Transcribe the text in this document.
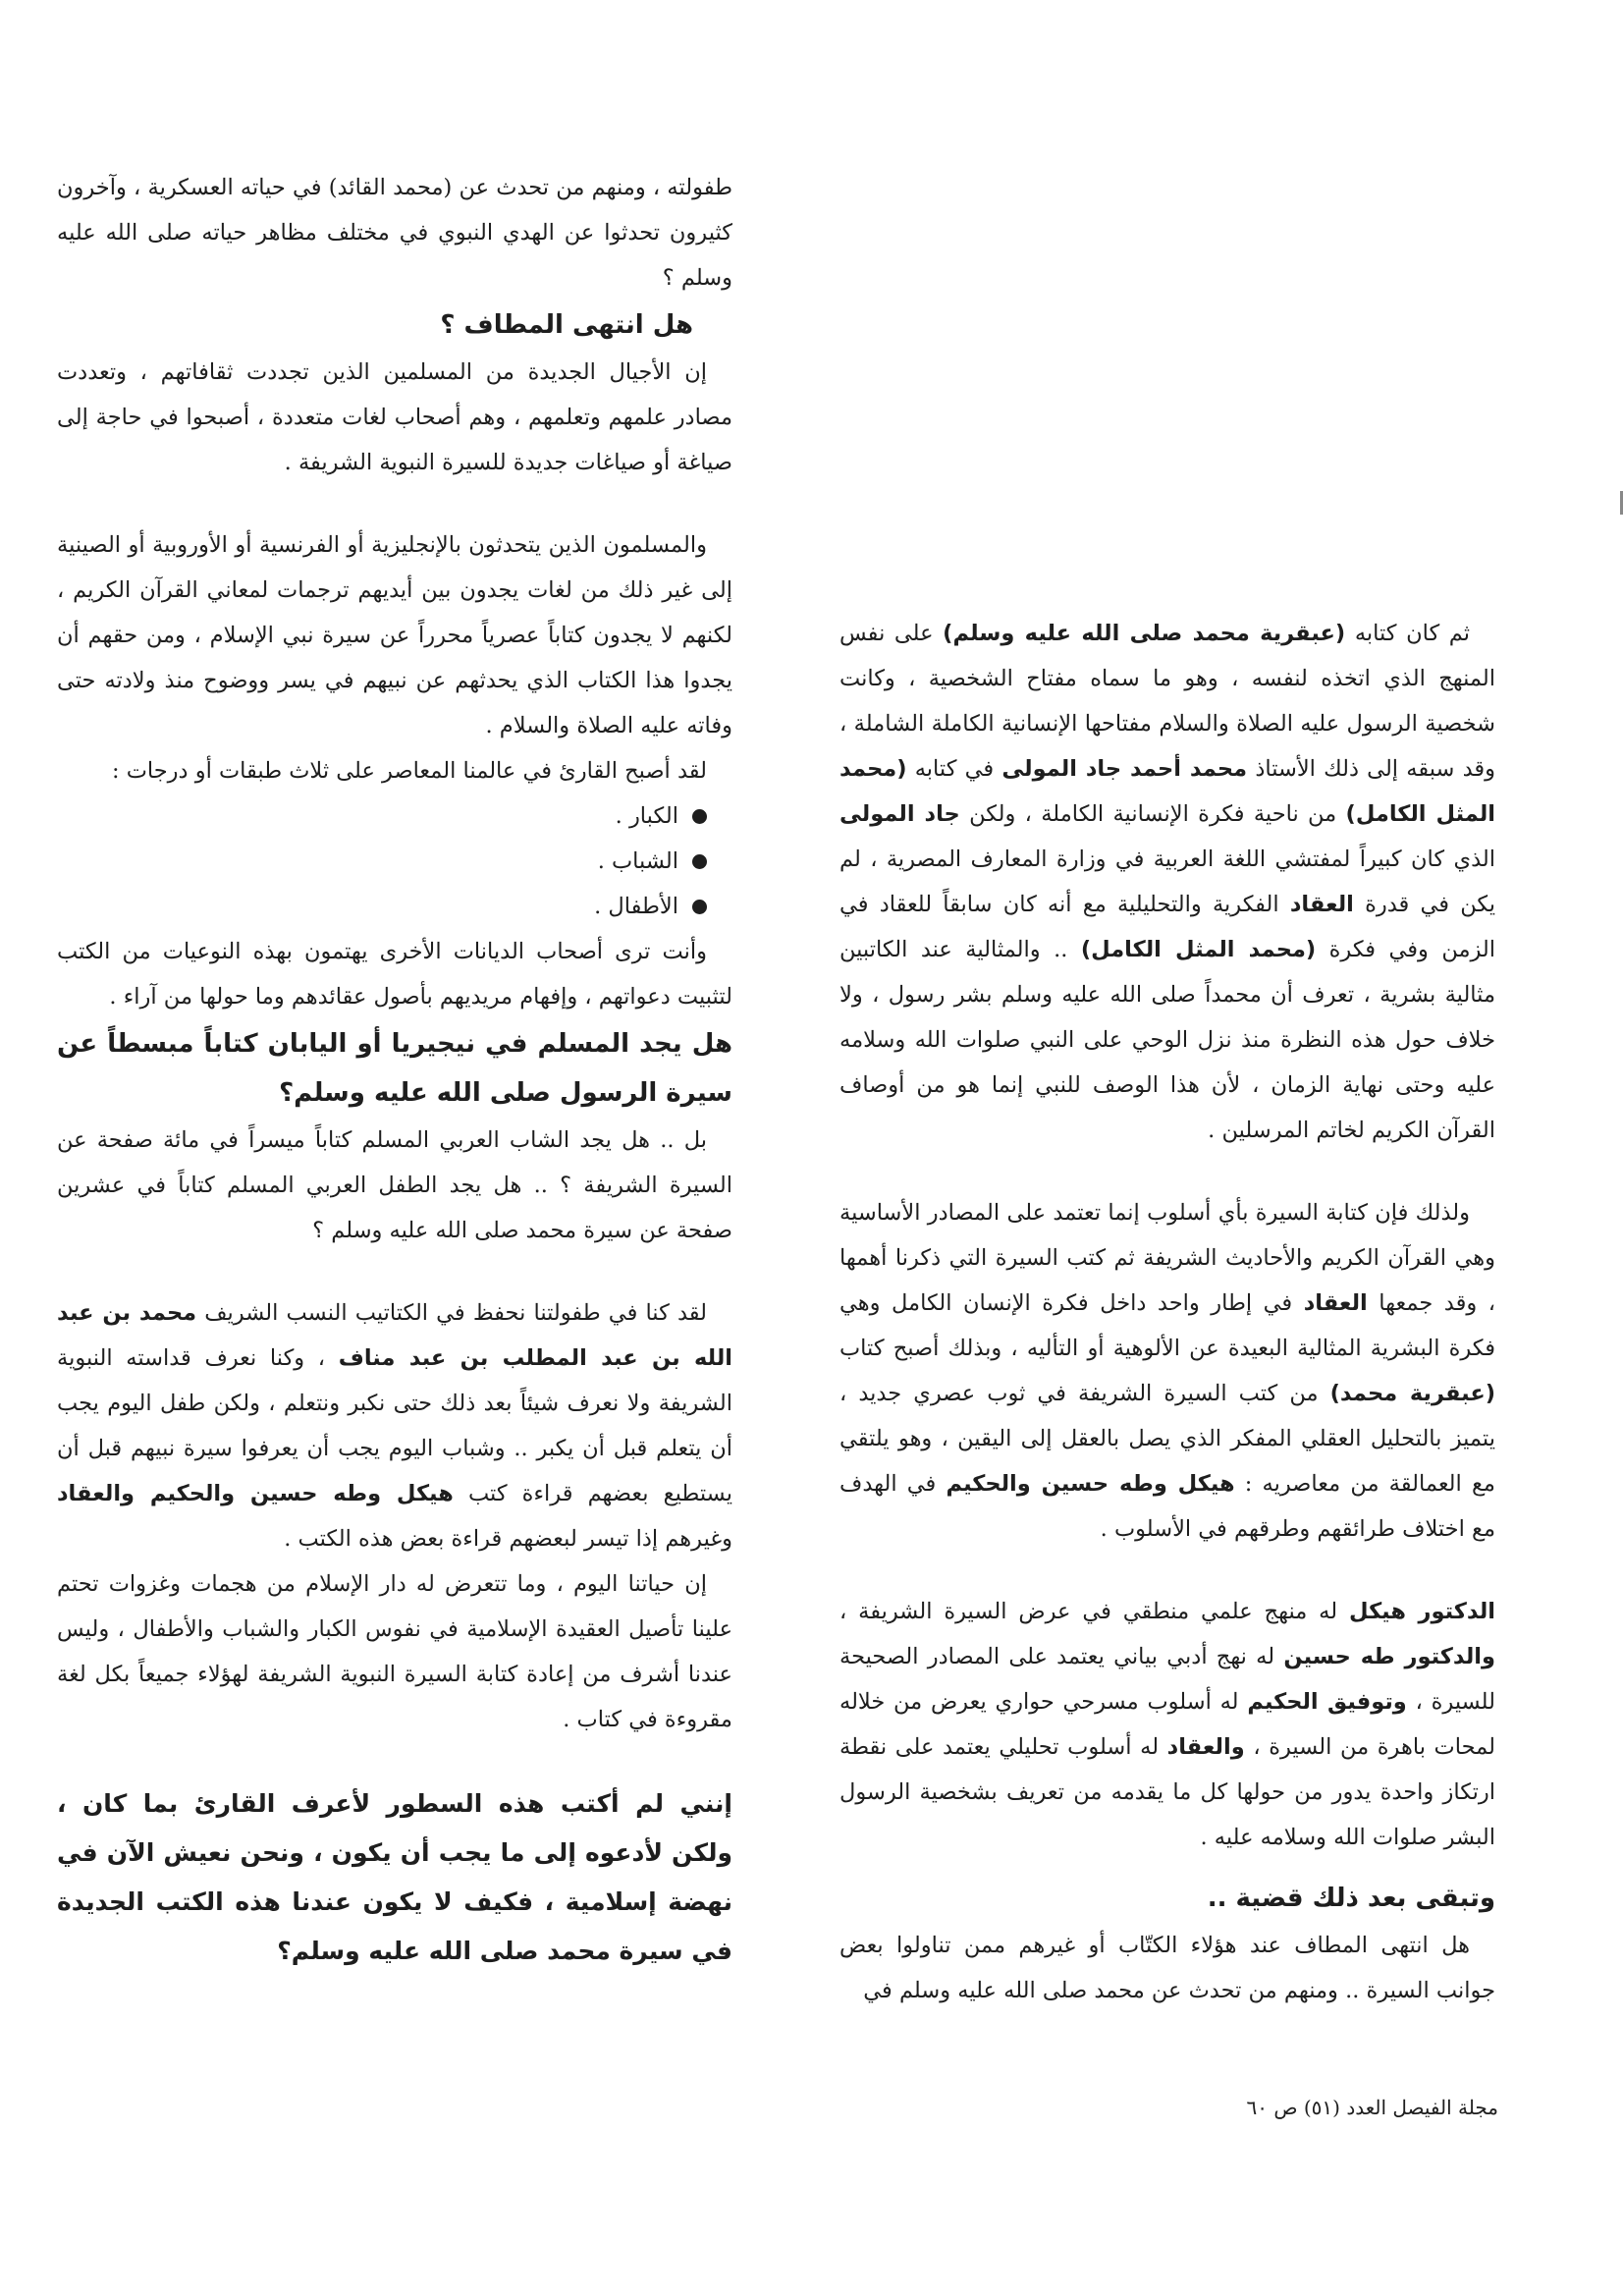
طفولته ، ومنهم من تحدث عن (محمد القائد) في حياته العسكرية ، وآخرون كثيرون تحدثوا عن الهدي النبوي في مختلف مظاهر حياته صلى الله عليه وسلم ؟

هل انتهى المطاف ؟

إن الأجيال الجديدة من المسلمين الذين تجددت ثقافاتهم ، وتعددت مصادر علمهم وتعلمهم ، وهم أصحاب لغات متعددة ، أصبحوا في حاجة إلى صياغة أو صياغات جديدة للسيرة النبوية الشريفة .

والمسلمون الذين يتحدثون بالإنجليزية أو الفرنسية أو الأوروبية أو الصينية إلى غير ذلك من لغات يجدون بين أيديهم ترجمات لمعاني القرآن الكريم ، لكنهم لا يجدون كتاباً عصرياً محرراً عن سيرة نبي الإسلام ، ومن حقهم أن يجدوا هذا الكتاب الذي يحدثهم عن نبيهم في يسر ووضوح منذ ولادته حتى وفاته عليه الصلاة والسلام .

لقد أصبح القارئ في عالمنا المعاصر على ثلاث طبقات أو درجات :

الكبار .
الشباب .
الأطفال .

وأنت ترى أصحاب الديانات الأخرى يهتمون بهذه النوعيات من الكتب لتثبيت دعواتهم ، وإفهام مريديهم بأصول عقائدهم وما حولها من آراء .

هل يجد المسلم في نيجيريا أو اليابان كتاباً مبسطاً عن سيرة الرسول صلى الله عليه وسلم؟

بل .. هل يجد الشاب العربي المسلم كتاباً ميسراً في مائة صفحة عن السيرة الشريفة ؟ .. هل يجد الطفل العربي المسلم كتاباً في عشرين صفحة عن سيرة محمد صلى الله عليه وسلم ؟

لقد كنا في طفولتنا نحفظ في الكتاتيب النسب الشريف محمد بن عبد الله بن عبد المطلب بن عبد مناف ، وكنا نعرف قداسته النبوية الشريفة ولا نعرف شيئاً بعد ذلك حتى نكبر ونتعلم ، ولكن طفل اليوم يجب أن يتعلم قبل أن يكبر .. وشباب اليوم يجب أن يعرفوا سيرة نبيهم قبل أن يستطيع بعضهم قراءة كتب هيكل وطه حسين والحكيم والعقاد وغيرهم إذا تيسر لبعضهم قراءة بعض هذه الكتب .

إن حياتنا اليوم ، وما تتعرض له دار الإسلام من هجمات وغزوات تحتم علينا تأصيل العقيدة الإسلامية في نفوس الكبار والشباب والأطفال ، وليس عندنا أشرف من إعادة كتابة السيرة النبوية الشريفة لهؤلاء جميعاً بكل لغة مقروءة في كتاب .

إنني لم أكتب هذه السطور لأعرف القارئ بما كان ، ولكن لأدعوه إلى ما يجب أن يكون ، ونحن نعيش الآن في نهضة إسلامية ، فكيف لا يكون عندنا هذه الكتب الجديدة في سيرة محمد صلى الله عليه وسلم؟

ثم كان كتابه (عبقرية محمد صلى الله عليه وسلم) على نفس المنهج الذي اتخذه لنفسه ، وهو ما سماه مفتاح الشخصية ، وكانت شخصية الرسول عليه الصلاة والسلام مفتاحها الإنسانية الكاملة الشاملة ، وقد سبقه إلى ذلك الأستاذ محمد أحمد جاد المولى في كتابه (محمد المثل الكامل) من ناحية فكرة الإنسانية الكاملة ، ولكن جاد المولى الذي كان كبيراً لمفتشي اللغة العربية في وزارة المعارف المصرية ، لم يكن في قدرة العقاد الفكرية والتحليلية مع أنه كان سابقاً للعقاد في الزمن وفي فكرة (محمد المثل الكامل) .. والمثالية عند الكاتبين مثالية بشرية ، تعرف أن محمداً صلى الله عليه وسلم بشر رسول ، ولا خلاف حول هذه النظرة منذ نزل الوحي على النبي صلوات الله وسلامه عليه وحتى نهاية الزمان ، لأن هذا الوصف للنبي إنما هو من أوصاف القرآن الكريم لخاتم المرسلين .

ولذلك فإن كتابة السيرة بأي أسلوب إنما تعتمد على المصادر الأساسية وهي القرآن الكريم والأحاديث الشريفة ثم كتب السيرة التي ذكرنا أهمها ، وقد جمعها العقاد في إطار واحد داخل فكرة الإنسان الكامل وهي فكرة البشرية المثالية البعيدة عن الألوهية أو التأليه ، وبذلك أصبح كتاب (عبقرية محمد) من كتب السيرة الشريفة في ثوب عصري جديد ، يتميز بالتحليل العقلي المفكر الذي يصل بالعقل إلى اليقين ، وهو يلتقي مع العمالقة من معاصريه : هيكل وطه حسين والحكيم في الهدف مع اختلاف طرائقهم وطرقهم في الأسلوب .

الدكتور هيكل له منهج علمي منطقي في عرض السيرة الشريفة ، والدكتور طه حسين له نهج أدبي بياني يعتمد على المصادر الصحيحة للسيرة ، وتوفيق الحكيم له أسلوب مسرحي حواري يعرض من خلاله لمحات باهرة من السيرة ، والعقاد له أسلوب تحليلي يعتمد على نقطة ارتكاز واحدة يدور من حولها كل ما يقدمه من تعريف بشخصية الرسول البشر صلوات الله وسلامه عليه .

وتبقى بعد ذلك قضية ..

هل انتهى المطاف عند هؤلاء الكتّاب أو غيرهم ممن تناولوا بعض جوانب السيرة .. ومنهم من تحدث عن محمد صلى الله عليه وسلم في

مجلة الفيصل العدد (٥١) ص ٦٠
